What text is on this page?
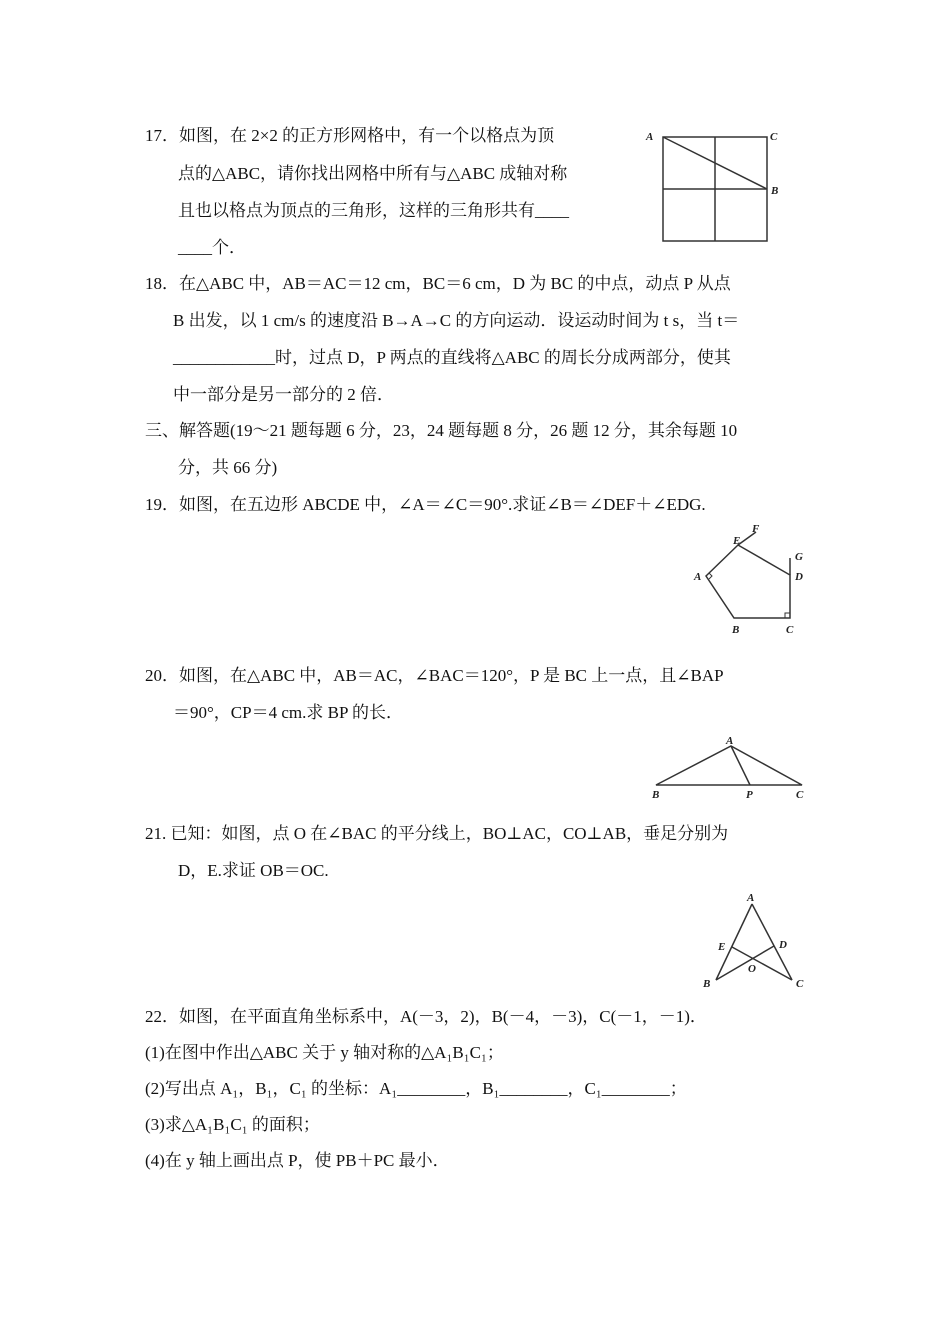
17．如图，在 2×2 的正方形网格中，有一个以格点为顶
点的△ABC，请你找出网格中所有与△ABC 成轴对称
且也以格点为顶点的三角形，这样的三角形共有____
____个．
A	C
B
18．在△ABC 中，AB＝AC＝12 cm，BC＝6 cm，D 为 BC 的中点，动点 P 从点
B 出发，以 1 cm/s 的速度沿 B→A→C 的方向运动．设运动时间为 t s，当 t＝
____________时，过点 D，P 两点的直线将△ABC 的周长分成两部分，使其
中一部分是另一部分的 2 倍．
三、解答题(19～21 题每题 6 分，23，24 题每题 8 分，26 题 12 分，其余每题 10
分，共 66 分)
19．如图，在五边形 ABCDE 中，∠A＝∠C＝90°.求证∠B＝∠DEF＋∠EDG.
A
B	C
D
E
F
G
20．如图，在△ABC 中，AB＝AC，∠BAC＝120°，P 是 BC 上一点，且∠BAP
＝90°，CP＝4 cm.求 BP 的长．
A
B	P	C
21. 已知：如图，点 O 在∠BAC 的平分线上，BO⊥AC，CO⊥AB，垂足分别为
D，E.求证 OB＝OC.
A
B	C
D
E
O
22．如图，在平面直角坐标系中，A(－3，2)，B(－4，－3)，C(－1，－1)．
(1)在图中作出△ABC 关于 y 轴对称的△A₁B₁C₁；
(2)写出点 A₁，B₁，C₁ 的坐标：A₁________，B₁________，C₁________；
(3)求△A₁B₁C₁ 的面积；
(4)在 y 轴上画出点 P，使 PB＋PC 最小．
